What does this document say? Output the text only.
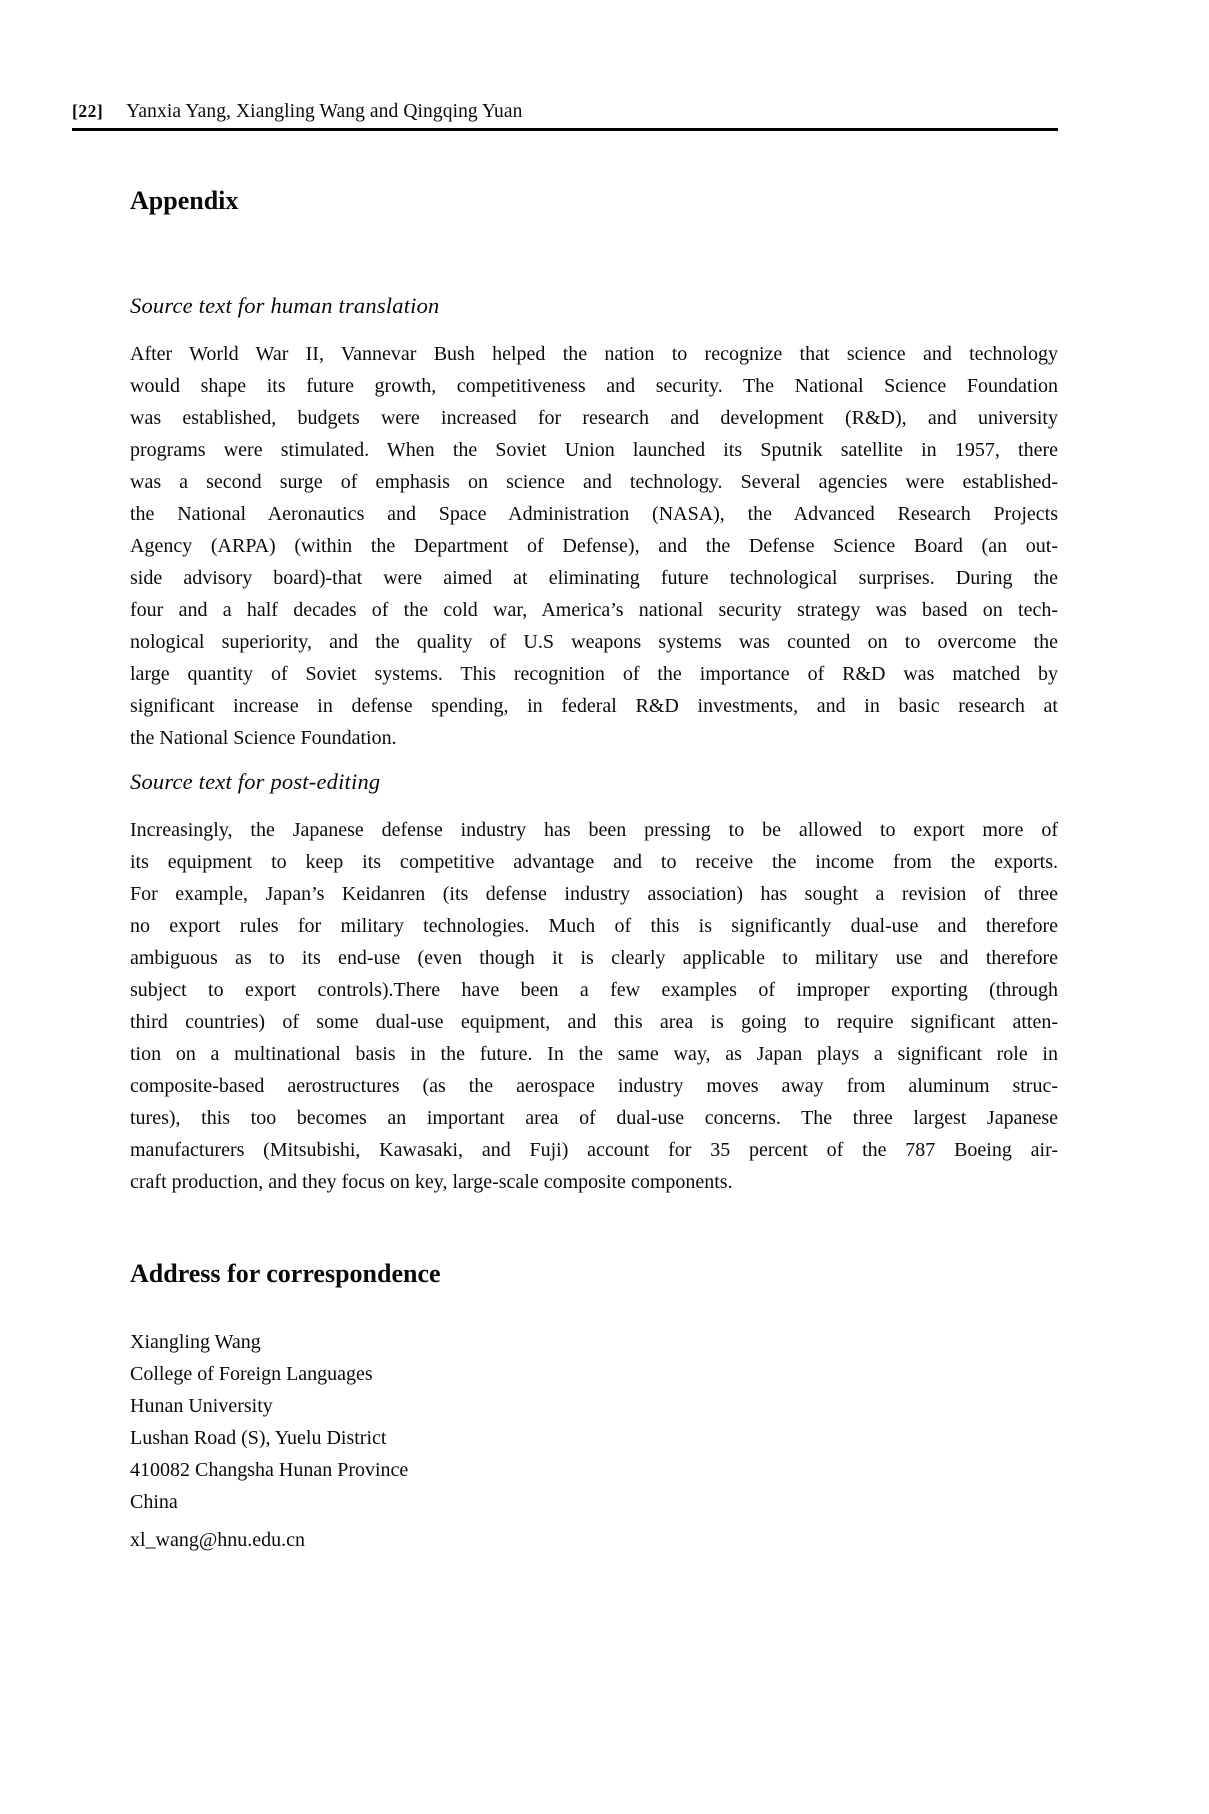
[22] Yanxia Yang, Xiangling Wang and Qingqing Yuan
Appendix
Source text for human translation
After World War II, Vannevar Bush helped the nation to recognize that science and technology
would shape its future growth, competitiveness and security. The National Science Foundation
was established, budgets were increased for research and development (R&D), and university
programs were stimulated. When the Soviet Union launched its Sputnik satellite in 1957, there
was a second surge of emphasis on science and technology. Several agencies were established-
the National Aeronautics and Space Administration (NASA), the Advanced Research Projects
Agency (ARPA) (within the Department of Defense), and the Defense Science Board (an out-
side advisory board)-that were aimed at eliminating future technological surprises. During the
four and a half decades of the cold war, America’s national security strategy was based on tech-
nological superiority, and the quality of U.S weapons systems was counted on to overcome the
large quantity of Soviet systems. This recognition of the importance of R&D was matched by
significant increase in defense spending, in federal R&D investments, and in basic research at
the National Science Foundation.
Source text for post-editing
Increasingly, the Japanese defense industry has been pressing to be allowed to export more of
its equipment to keep its competitive advantage and to receive the income from the exports.
For example, Japan’s Keidanren (its defense industry association) has sought a revision of three
no export rules for military technologies. Much of this is significantly dual-use and therefore
ambiguous as to its end-use (even though it is clearly applicable to military use and therefore
subject to export controls).There have been a few examples of improper exporting (through
third countries) of some dual-use equipment, and this area is going to require significant atten-
tion on a multinational basis in the future. In the same way, as Japan plays a significant role in
composite-based aerostructures (as the aerospace industry moves away from aluminum struc-
tures), this too becomes an important area of dual-use concerns. The three largest Japanese
manufacturers (Mitsubishi, Kawasaki, and Fuji) account for 35 percent of the 787 Boeing air-
craft production, and they focus on key, large-scale composite components.
Address for correspondence
Xiangling Wang
College of Foreign Languages
Hunan University
Lushan Road (S), Yuelu District
410082 Changsha Hunan Province
China
xl_wang@hnu.edu.cn
